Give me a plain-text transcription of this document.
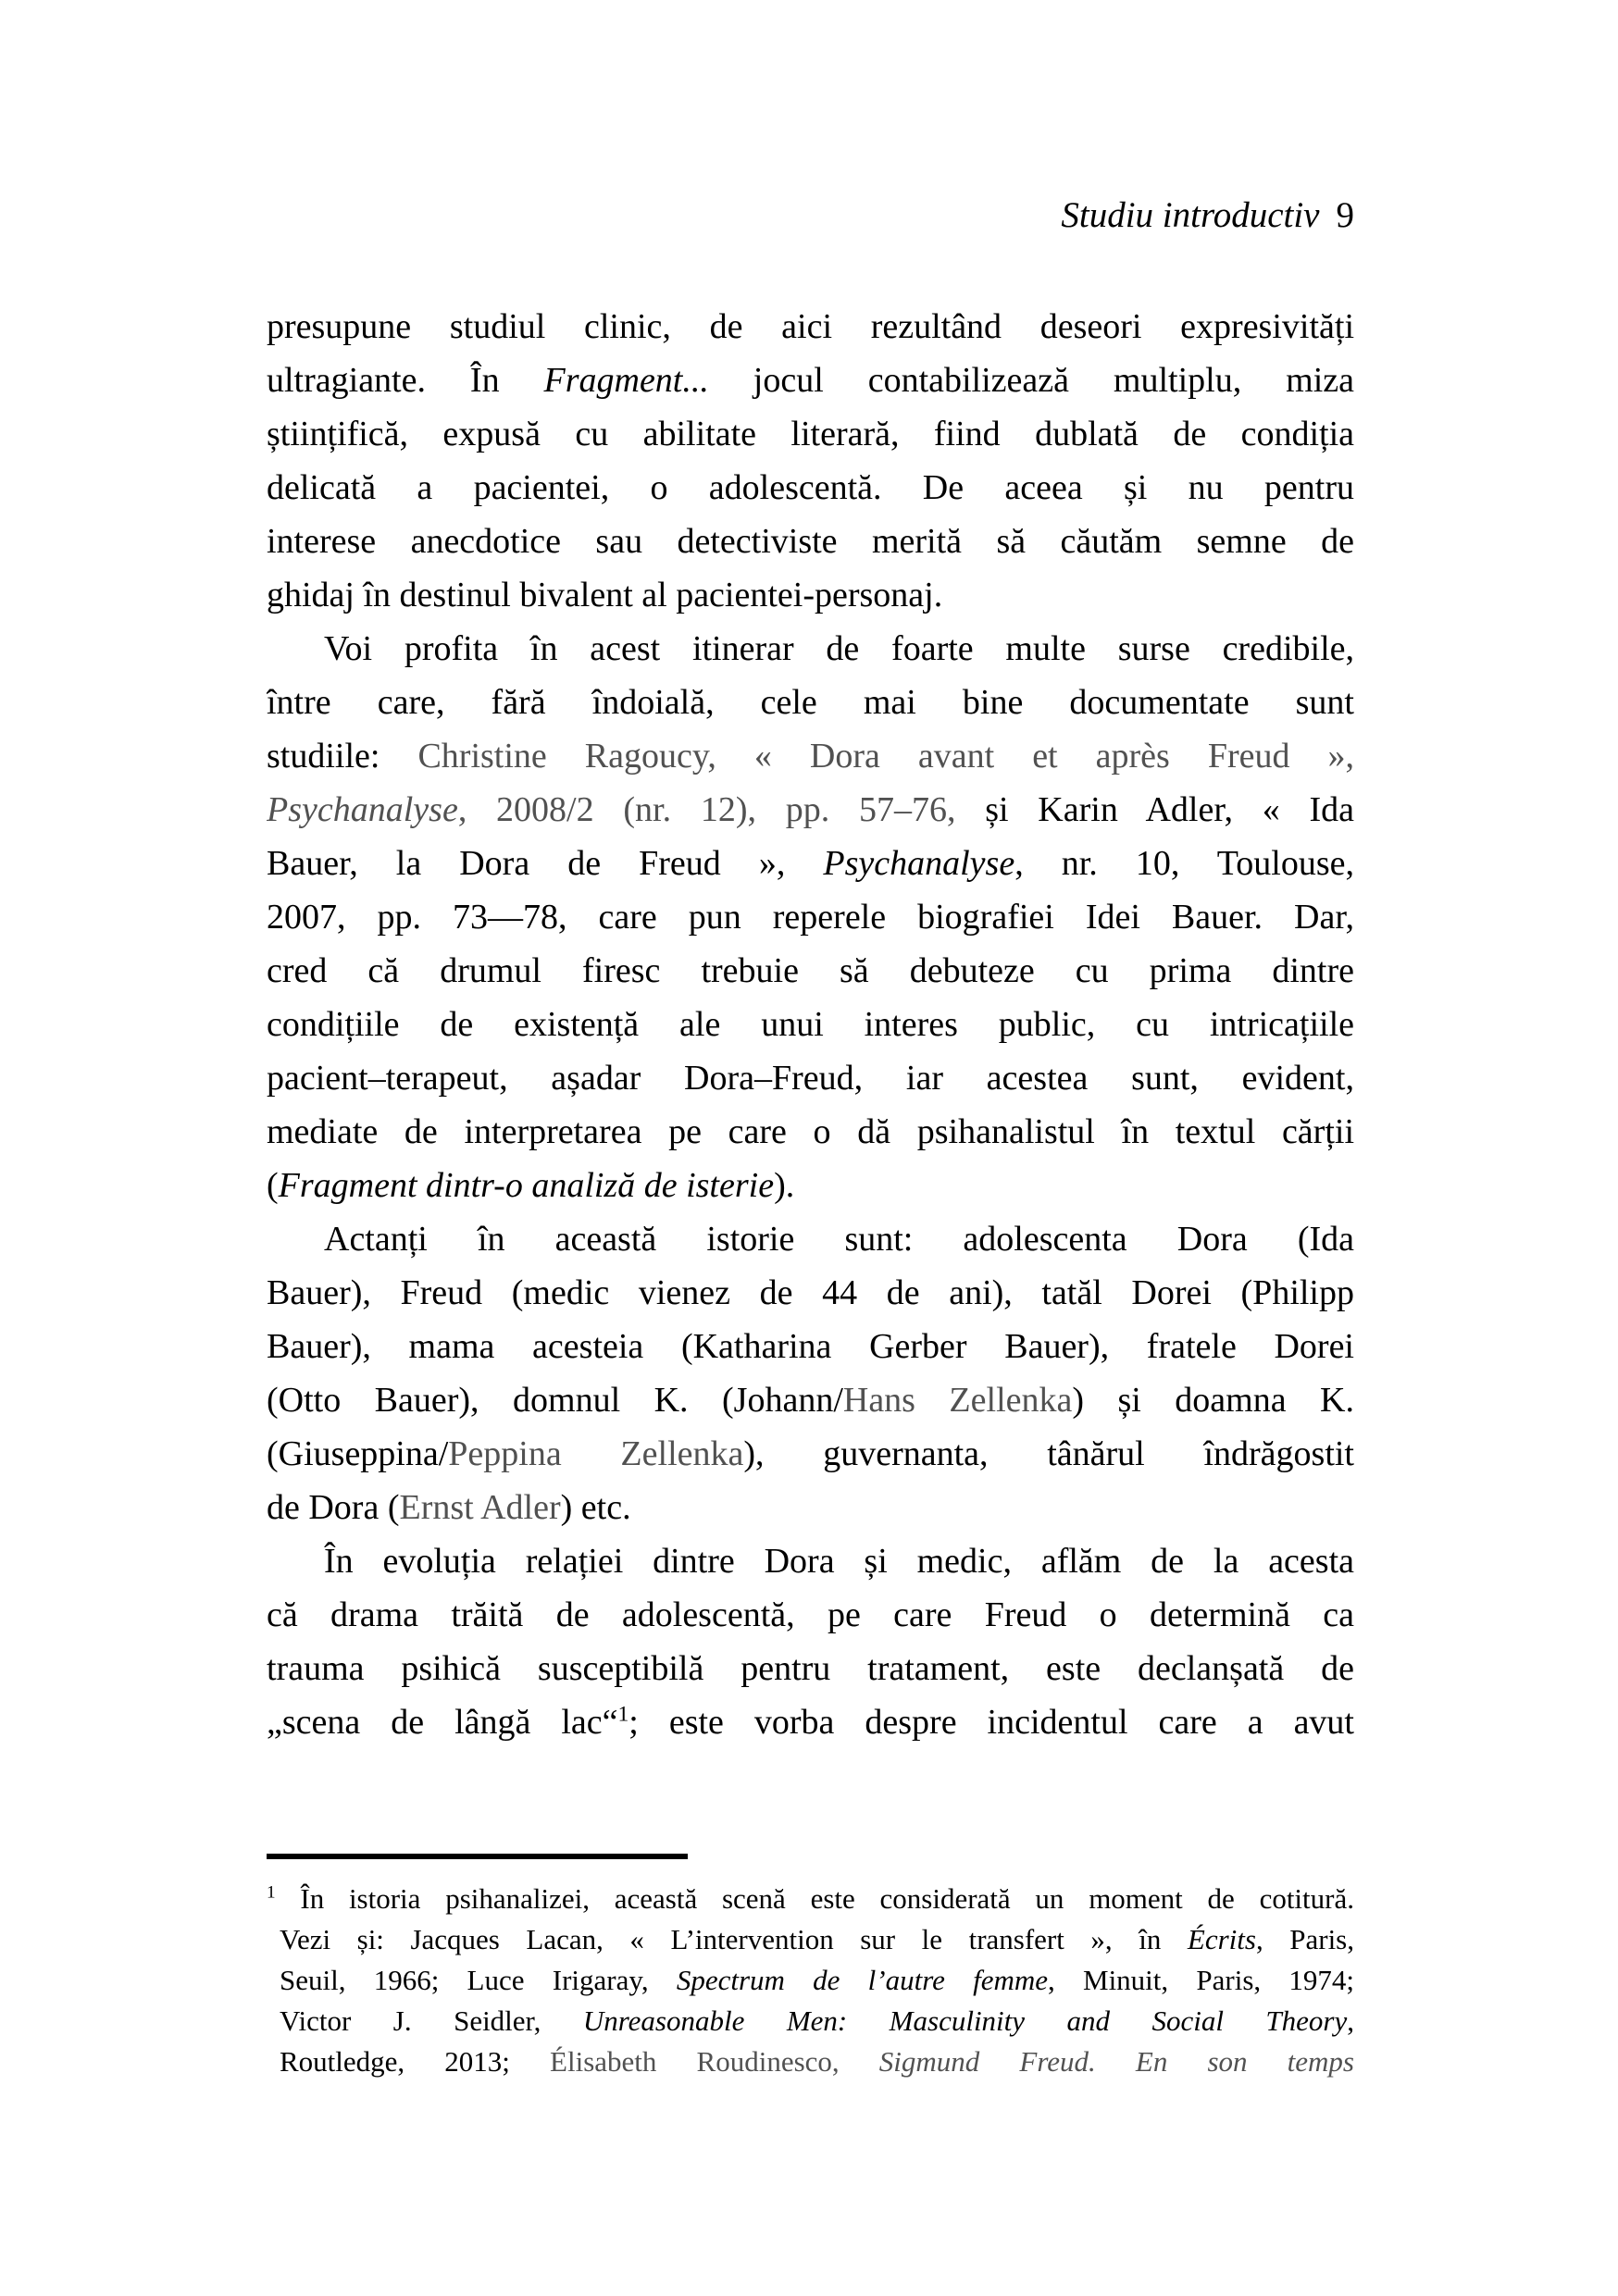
Studiu introductiv 9
presupune studiul clinic, de aici rezultând deseori expresivități
ultragiante. În Fragment... jocul contabilizează multiplu, miza
științifică, expusă cu abilitate literară, fiind dublată de condiția
delicată a pacientei, o adolescentă. De aceea și nu pentru
interese anecdotice sau detectiviste merită să căutăm semne de
ghidaj în destinul bivalent al pacientei-personaj.
Voi profita în acest itinerar de foarte multe surse credibile,
între care, fără îndoială, cele mai bine documentate sunt
studiile: Christine Ragoucy, « Dora avant et après Freud »,
Psychanalyse, 2008/2 (nr. 12), pp. 57–76, și Karin Adler, « Ida
Bauer, la Dora de Freud », Psychanalyse, nr. 10, Toulouse,
2007, pp. 73—78, care pun reperele biografiei Idei Bauer. Dar,
cred că drumul firesc trebuie să debuteze cu prima dintre
condițiile de existență ale unui interes public, cu intricațiile
pacient–terapeut, așadar Dora–Freud, iar acestea sunt, evident,
mediate de interpretarea pe care o dă psihanalistul în textul cărții
(Fragment dintr-o analiză de isterie).
Actanți în această istorie sunt: adolescenta Dora (Ida
Bauer), Freud (medic vienez de 44 de ani), tatăl Dorei (Philipp
Bauer), mama acesteia (Katharina Gerber Bauer), fratele Dorei
(Otto Bauer), domnul K. (Johann/Hans Zellenka) și doamna K.
(Giuseppina/Peppina Zellenka), guvernanta, tânărul îndrăgostit
de Dora (Ernst Adler) etc.
În evoluția relației dintre Dora și medic, aflăm de la acesta
că drama trăită de adolescentă, pe care Freud o determină ca
trauma psihică susceptibilă pentru tratament, este declanșată de
„scena de lângă lac“$^1$; este vorba despre incidentul care a avut
$^1$ În istoria psihanalizei, această scenă este considerată un moment de cotitură.
Vezi și: Jacques Lacan, « L’intervention sur le transfert », în Écrits, Paris,
Seuil, 1966; Luce Irigaray, Spectrum de l’autre femme, Minuit, Paris, 1974;
Victor J. Seidler, Unreasonable Men: Masculinity and Social Theory,
Routledge, 2013; Élisabeth Roudinesco, Sigmund Freud. En son temps
